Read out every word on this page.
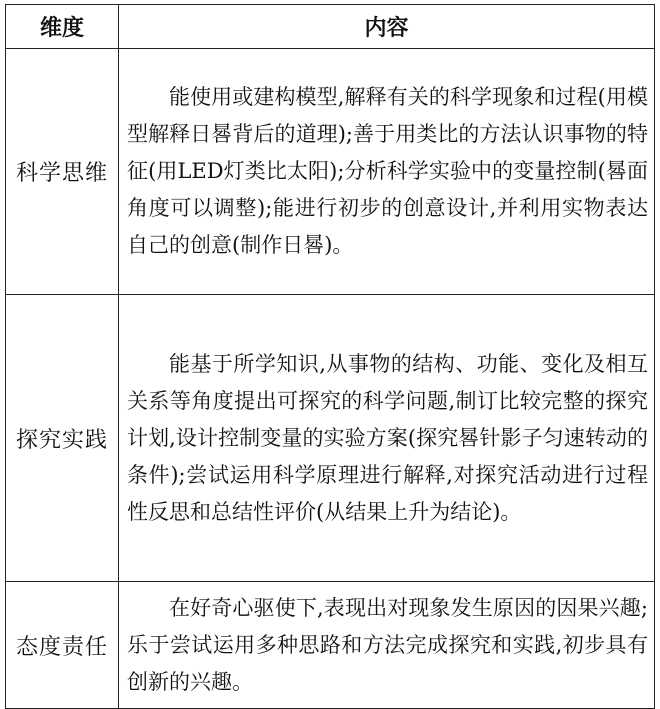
维度	内容
科学思维	能使用或建构模型,解释有关的科学现象和过程(用模型解释日晷背后的道理);善于用类比的方法认识事物的特征(用LED灯类比太阳);分析科学实验中的变量控制(晷面角度可以调整);能进行初步的创意设计,并利用实物表达自己的创意(制作日晷)。
探究实践	能基于所学知识,从事物的结构、功能、变化及相互关系等角度提出可探究的科学问题,制订比较完整的探究计划,设计控制变量的实验方案(探究晷针影子匀速转动的条件);尝试运用科学原理进行解释,对探究活动进行过程性反思和总结性评价(从结果上升为结论)。
态度责任	在好奇心驱使下,表现出对现象发生原因的因果兴趣;乐于尝试运用多种思路和方法完成探究和实践,初步具有创新的兴趣。
